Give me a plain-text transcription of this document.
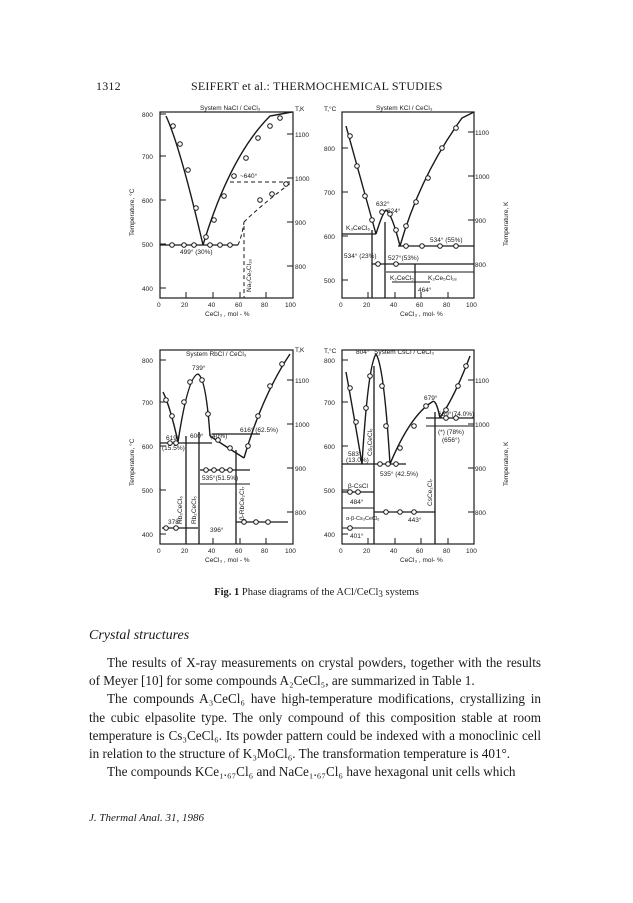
1312	SEIFERT et al.: THERMOCHEMICAL STUDIES
System NaCl / CeCl₃	T,K
800
700
600
500
400
1100
1000
900
800
0	20	40	60	80	100
CeCl₃ , mol - %
~640°
499° (30%)
Na₃Ce₅Cl₁₈
Temperature, °C
System KCl / CeCl₃
T,°C
800
700
600
500
1100
1000
900
800
0	20	40	60	80 100
CeCl₃ , mol- %
632°
624°
534° (55%)
534° (23%) 527°(53%)
464°
K₃CeCl₆
K₂CeCl₅ K₂Ce₅Cl₁₈
Temperature, K
System RbCl / CeCl₃
T,K
800
700
600
500
400
1100
1000
900
800
0	20	40	60	80	100
CeCl₃ , mol - %
739°
619°
(15.5%)
600° (40%)
616° (62.5%)
535°(51.5%)
378°
396°
Rb₃CeCl₆ Rb₂CeCl₅	β-RbCe₂Cl₇
Temperature, °C
System CsCl / CeCl₃
804°
T,°C
800
700
600
500
400
1100
1000
900
800
0	20	40	60	80 100
CeCl₃ , mol- %
679°
669°(74.0%)
(*) (78%)
(656°)
583°
(13.0%)
535° (42.5%)
β-CsCl
484°
443°
401°
α-β-Cs₃CeCl₆
Cs₃CeCl₆
CsCe₂Cl₇
Temperature, K
Fig. 1 Phase diagrams of the ACl/CeCl3 systems
Crystal structures

The results of X-ray measurements on crystal powders, together with the results of Meyer [10] for some compounds A₂CeCl₅, are summarized in Table 1.

The compounds A₃CeCl₆ have high-temperature modifications, crystallizing in the cubic elpasolite type. The only compound of this composition stable at room temperature is Cs₃CeCl₆. Its powder pattern could be indexed with a monoclinic cell in relation to the structure of K₃MoCl₆. The transformation temperature is 401°.

The compounds KCe₁.₆₇Cl₆ and NaCe₁.₆₇Cl₆ have hexagonal unit cells which

J. Thermal Anal. 31, 1986
